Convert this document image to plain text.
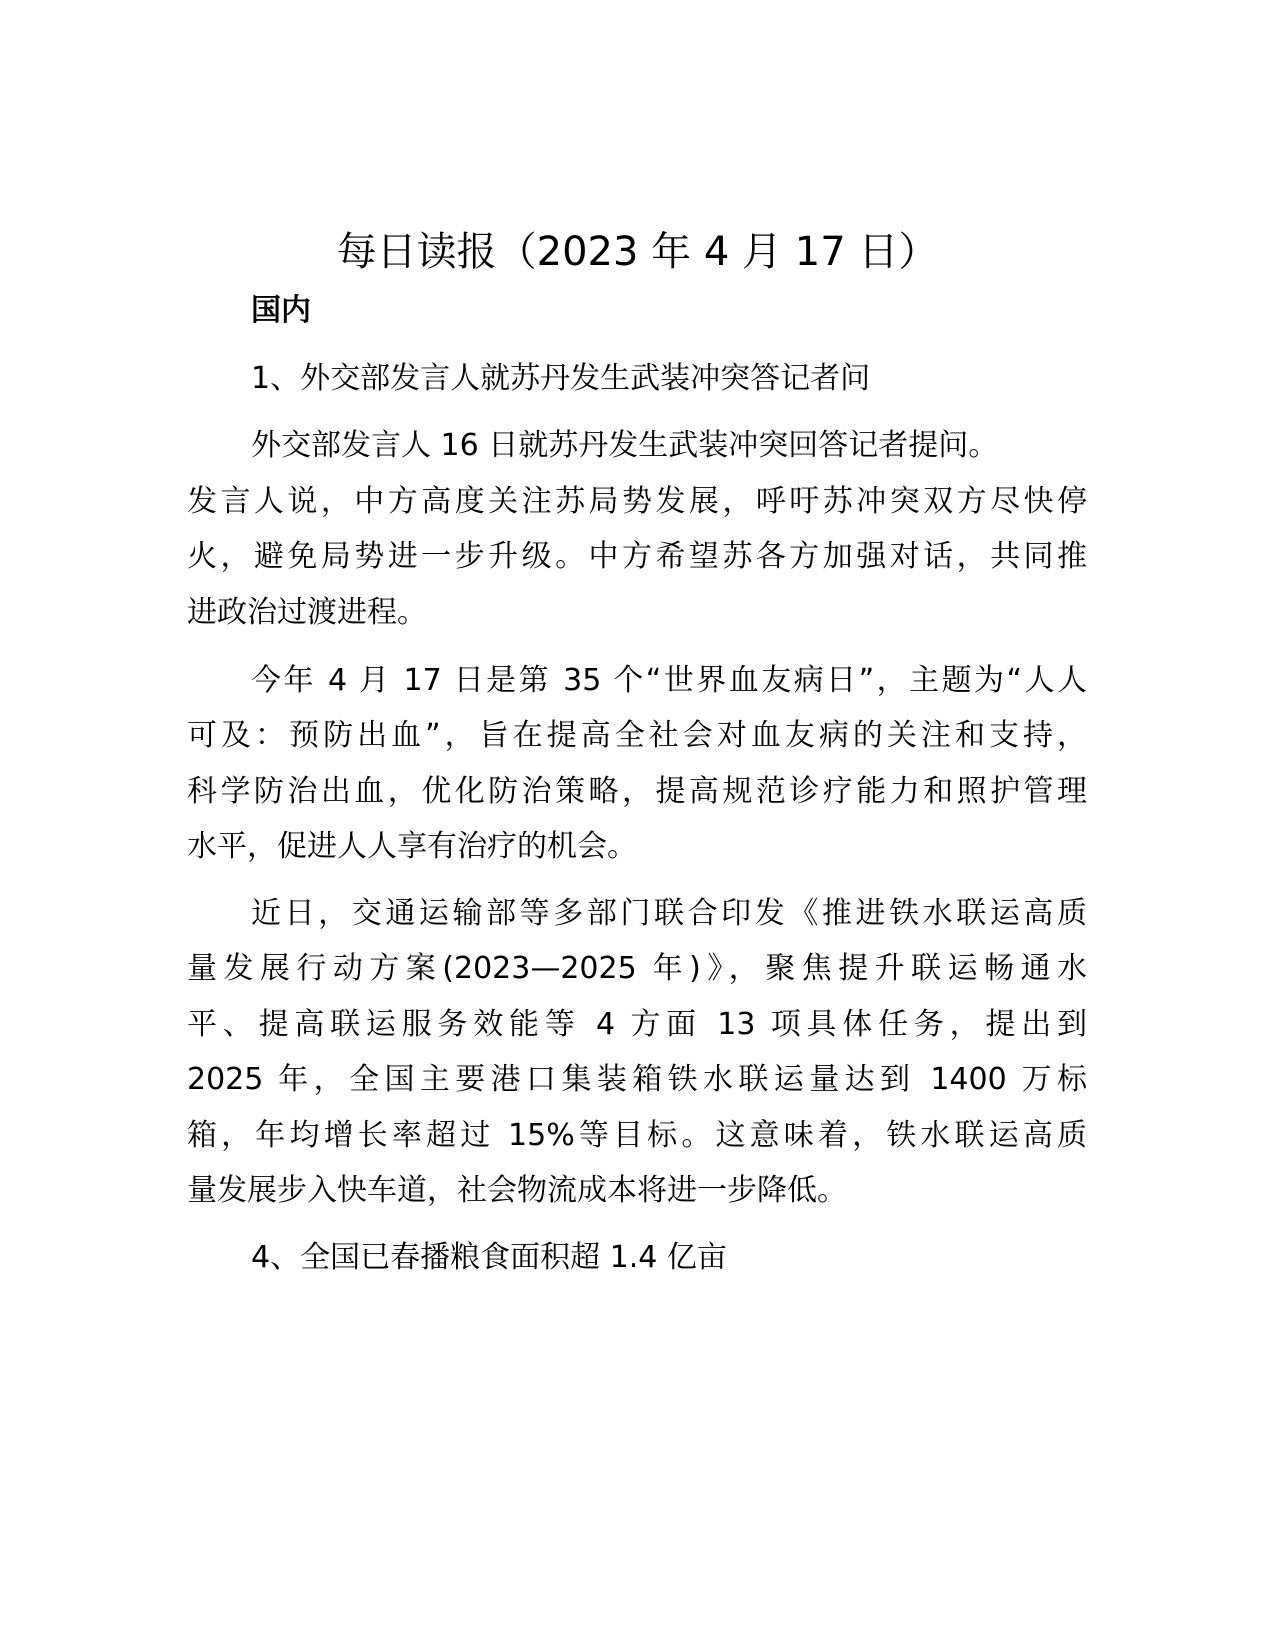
每日读报（2023 年 4 月 17 日）
国内
1、外交部发言人就苏丹发生武装冲突答记者问
外交部发言人 16 日就苏丹发生武装冲突回答记者提问。
发言人说，中方高度关注苏局势发展，呼吁苏冲突双方尽快停
火，避免局势进一步升级。中方希望苏各方加强对话，共同推
进政治过渡进程。
今年 4 月 17 日是第 35 个“世界血友病日”，主题为“人人
可及：预防出血”，旨在提高全社会对血友病的关注和支持，
科学防治出血，优化防治策略，提高规范诊疗能力和照护管理
水平，促进人人享有治疗的机会。
近日，交通运输部等多部门联合印发《推进铁水联运高质
量发展行动方案(2023—2025 年)》，聚焦提升联运畅通水
平、提高联运服务效能等 4 方面 13 项具体任务，提出到
2025 年，全国主要港口集装箱铁水联运量达到 1400 万标
箱，年均增长率超过 15%等目标。这意味着，铁水联运高质
量发展步入快车道，社会物流成本将进一步降低。
4、全国已春播粮食面积超 1.4 亿亩
